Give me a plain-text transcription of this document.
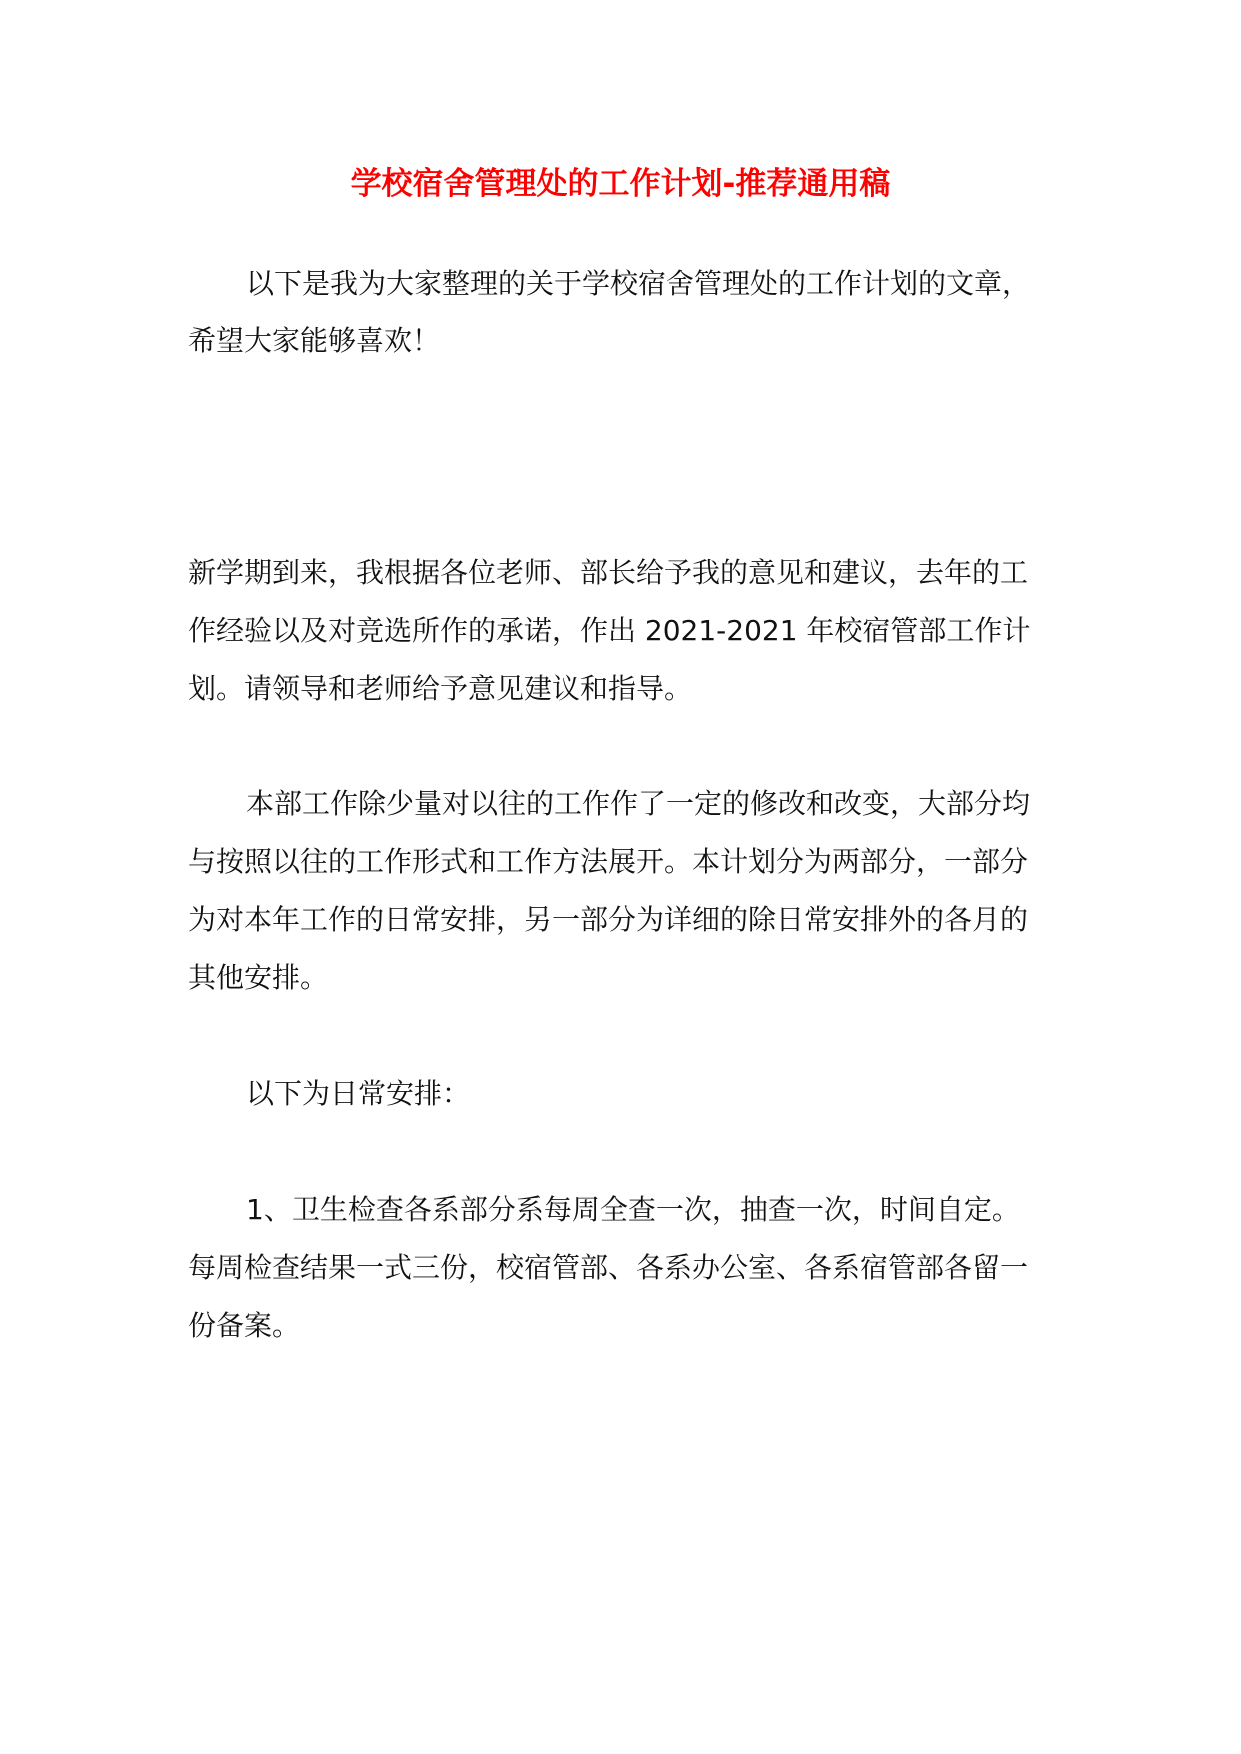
学校宿舍管理处的工作计划-推荐通用稿
以下是我为大家整理的关于学校宿舍管理处的工作计划的文章，
希望大家能够喜欢！
新学期到来，我根据各位老师、部长给予我的意见和建议，去年的工
作经验以及对竞选所作的承诺，作出 2021-2021 年校宿管部工作计
划。请领导和老师给予意见建议和指导。
本部工作除少量对以往的工作作了一定的修改和改变，大部分均
与按照以往的工作形式和工作方法展开。本计划分为两部分，一部分
为对本年工作的日常安排，另一部分为详细的除日常安排外的各月的
其他安排。
以下为日常安排：
1、卫生检查各系部分系每周全查一次，抽查一次，时间自定。
每周检查结果一式三份，校宿管部、各系办公室、各系宿管部各留一
份备案。
